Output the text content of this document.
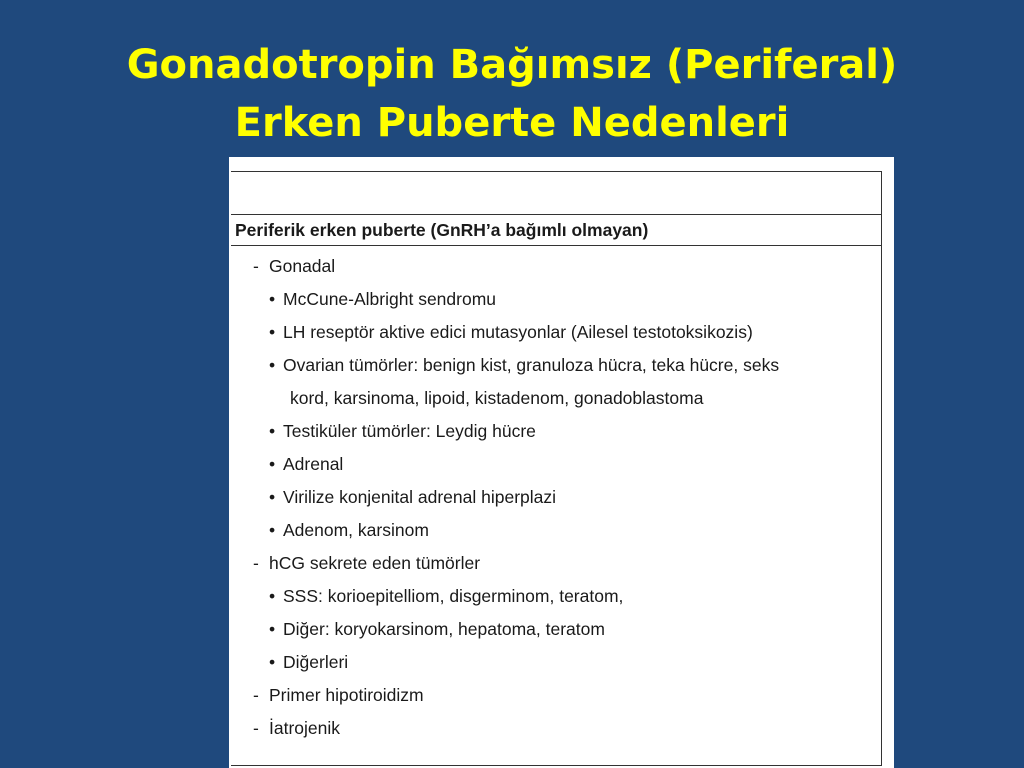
Gonadotropin Bağımsız (Periferal)
Erken Puberte Nedenleri
Periferik erken puberte (GnRH’a bağımlı olmayan)
- Gonadal
• McCune-Albright sendromu
• LH reseptör aktive edici mutasyonlar (Ailesel testotoksikozis)
• Ovarian tümörler: benign kist, granuloza hücra, teka hücre, seks
kord, karsinoma, lipoid, kistadenom, gonadoblastoma
• Testiküler tümörler: Leydig hücre
• Adrenal
• Virilize konjenital adrenal hiperplazi
• Adenom, karsinom
- hCG sekrete eden tümörler
• SSS: korioepitelliom, disgerminom, teratom,
• Diğer: koryokarsinom, hepatoma, teratom
• Diğerleri
- Primer hipotiroidizm
- İatrojenik
